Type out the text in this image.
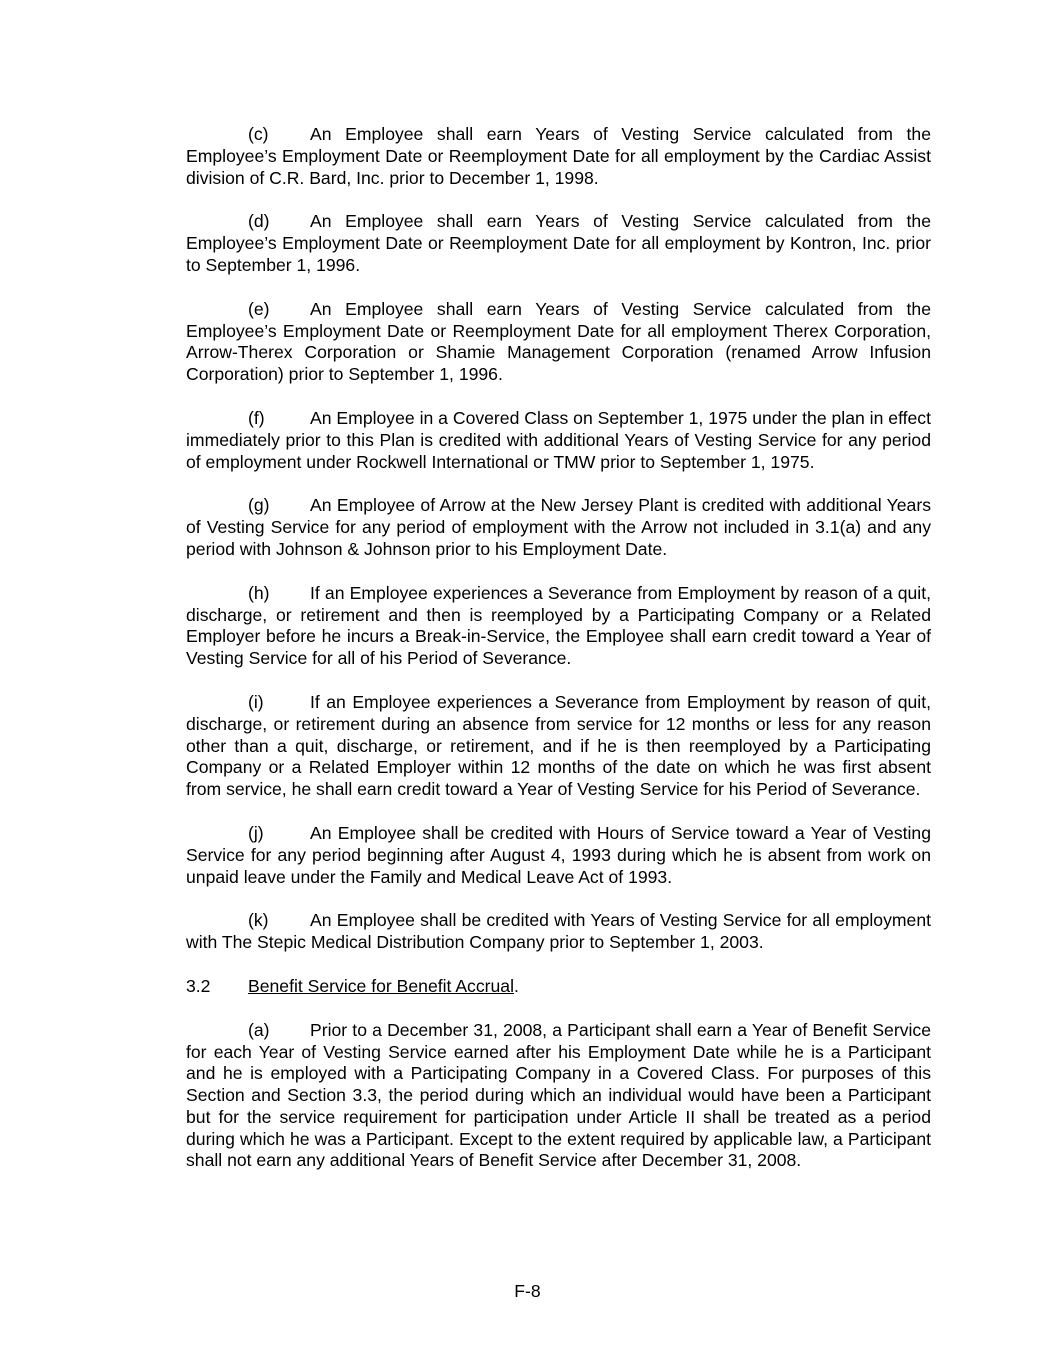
(c) An Employee shall earn Years of Vesting Service calculated from the Employee’s Employment Date or Reemployment Date for all employment by the Cardiac Assist division of C.R. Bard, Inc. prior to December 1, 1998.
(d) An Employee shall earn Years of Vesting Service calculated from the Employee’s Employment Date or Reemployment Date for all employment by Kontron, Inc. prior to September 1, 1996.
(e) An Employee shall earn Years of Vesting Service calculated from the Employee’s Employment Date or Reemployment Date for all employment Therex Corporation, Arrow-Therex Corporation or Shamie Management Corporation (renamed Arrow Infusion Corporation) prior to September 1, 1996.
(f)	An Employee in a Covered Class on September 1, 1975 under the plan in effect immediately prior to this Plan is credited with additional Years of Vesting Service for any period of employment under Rockwell International or TMW prior to September 1, 1975.
(g) An Employee of Arrow at the New Jersey Plant is credited with additional Years of Vesting Service for any period of employment with the Arrow not included in 3.1(a) and any period with Johnson & Johnson prior to his Employment Date.
(h) If an Employee experiences a Severance from Employment by reason of a quit, discharge, or retirement and then is reemployed by a Participating Company or a Related Employer before he incurs a Break-in-Service, the Employee shall earn credit toward a Year of Vesting Service for all of his Period of Severance.
(i)	If an Employee experiences a Severance from Employment by reason of quit, discharge, or retirement during an absence from service for 12 months or less for any reason other than a quit, discharge, or retirement, and if he is then reemployed by a Participating Company or a Related Employer within 12 months of the date on which he was first absent from service, he shall earn credit toward a Year of Vesting Service for his Period of Severance.
(j)	An Employee shall be credited with Hours of Service toward a Year of Vesting Service for any period beginning after August 4, 1993 during which he is absent from work on unpaid leave under the Family and Medical Leave Act of 1993.
(k) An Employee shall be credited with Years of Vesting Service for all employment with The Stepic Medical Distribution Company prior to September 1, 2003.
3.2 Benefit Service for Benefit Accrual.
(a) Prior to a December 31, 2008, a Participant shall earn a Year of Benefit Service for each Year of Vesting Service earned after his Employment Date while he is a Participant and he is employed with a Participating Company in a Covered Class. For purposes of this Section and Section 3.3, the period during which an individual would have been a Participant but for the service requirement for participation under Article II shall be treated as a period during which he was a Participant. Except to the extent required by applicable law, a Participant shall not earn any additional Years of Benefit Service after December 31, 2008.
F-8
